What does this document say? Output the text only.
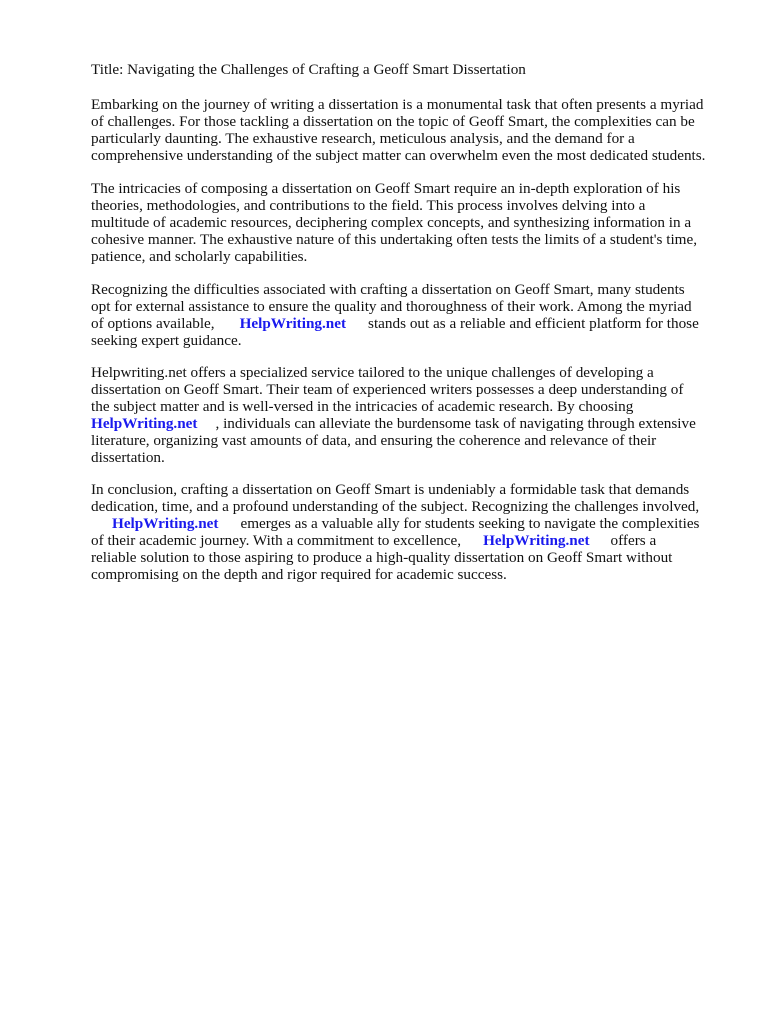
Title: Navigating the Challenges of Crafting a Geoff Smart Dissertation
Embarking on the journey of writing a dissertation is a monumental task that often presents a myriad
of challenges. For those tackling a dissertation on the topic of Geoff Smart, the complexities can be
particularly daunting. The exhaustive research, meticulous analysis, and the demand for a
comprehensive understanding of the subject matter can overwhelm even the most dedicated students.
The intricacies of composing a dissertation on Geoff Smart require an in-depth exploration of his
theories, methodologies, and contributions to the field. This process involves delving into a
multitude of academic resources, deciphering complex concepts, and synthesizing information in a
cohesive manner. The exhaustive nature of this undertaking often tests the limits of a student's time,
patience, and scholarly capabilities.
Recognizing the difficulties associated with crafting a dissertation on Geoff Smart, many students
opt for external assistance to ensure the quality and thoroughness of their work. Among the myriad
of options available, HelpWriting.net stands out as a reliable and efficient platform for those
seeking expert guidance.
Helpwriting.net offers a specialized service tailored to the unique challenges of developing a
dissertation on Geoff Smart. Their team of experienced writers possesses a deep understanding of
the subject matter and is well-versed in the intricacies of academic research. By choosing
HelpWriting.net , individuals can alleviate the burdensome task of navigating through extensive
literature, organizing vast amounts of data, and ensuring the coherence and relevance of their
dissertation.
In conclusion, crafting a dissertation on Geoff Smart is undeniably a formidable task that demands
dedication, time, and a profound understanding of the subject. Recognizing the challenges involved,
HelpWriting.net emerges as a valuable ally for students seeking to navigate the complexities
of their academic journey. With a commitment to excellence, HelpWriting.net offers a
reliable solution to those aspiring to produce a high-quality dissertation on Geoff Smart without
compromising on the depth and rigor required for academic success.
